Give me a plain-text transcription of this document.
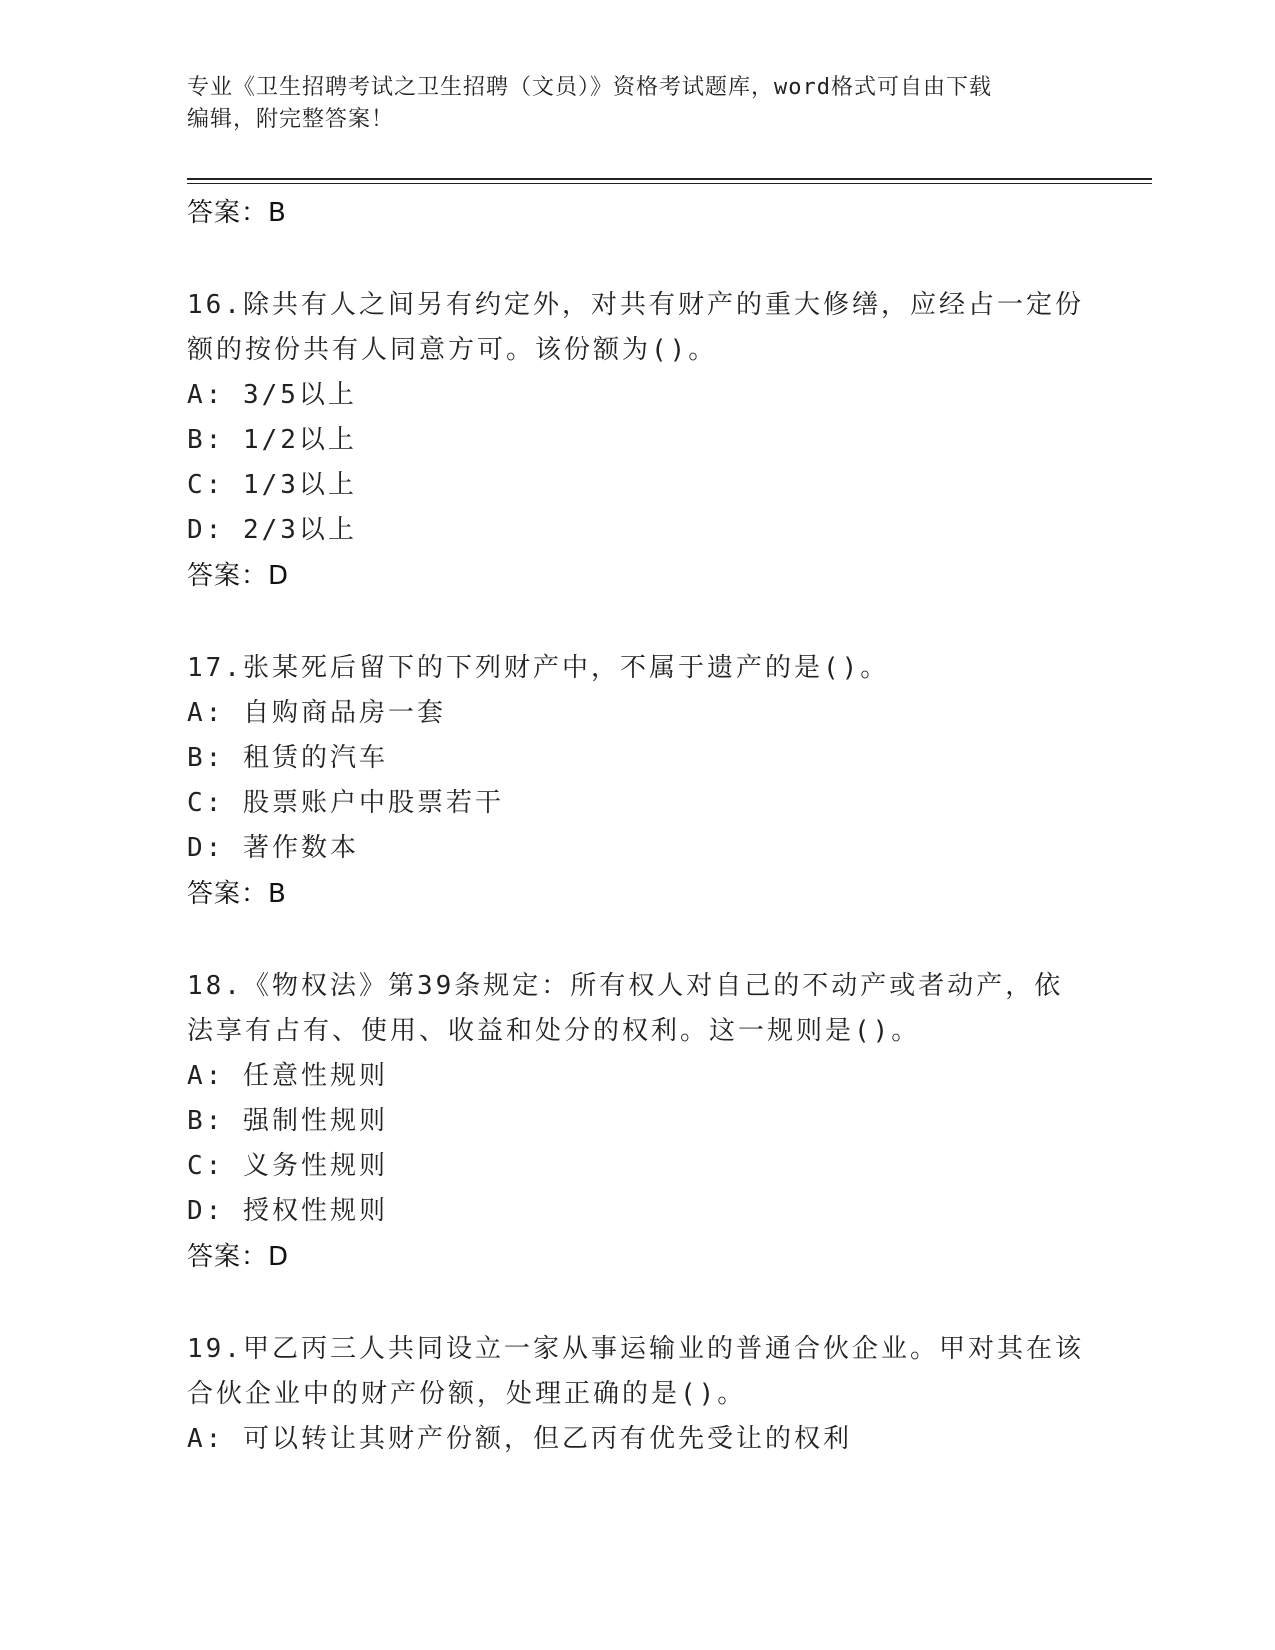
专业《卫生招聘考试之卫生招聘（文员）》资格考试题库，word格式可自由下载
编辑，附完整答案！
答案：B
16.除共有人之间另有约定外，对共有财产的重大修缮，应经占一定份额的按份共有人同意方可。该份额为()。
A: 3/5以上
B: 1/2以上
C: 1/3以上
D: 2/3以上
答案：D
17.张某死后留下的下列财产中，不属于遗产的是()。
A: 自购商品房一套
B: 租赁的汽车
C: 股票账户中股票若干
D: 著作数本
答案：B
18.《物权法》第39条规定：所有权人对自己的不动产或者动产，依法享有占有、使用、收益和处分的权利。这一规则是()。
A: 任意性规则
B: 强制性规则
C: 义务性规则
D: 授权性规则
答案：D
19.甲乙丙三人共同设立一家从事运输业的普通合伙企业。甲对其在该合伙企业中的财产份额，处理正确的是()。
A: 可以转让其财产份额，但乙丙有优先受让的权利
